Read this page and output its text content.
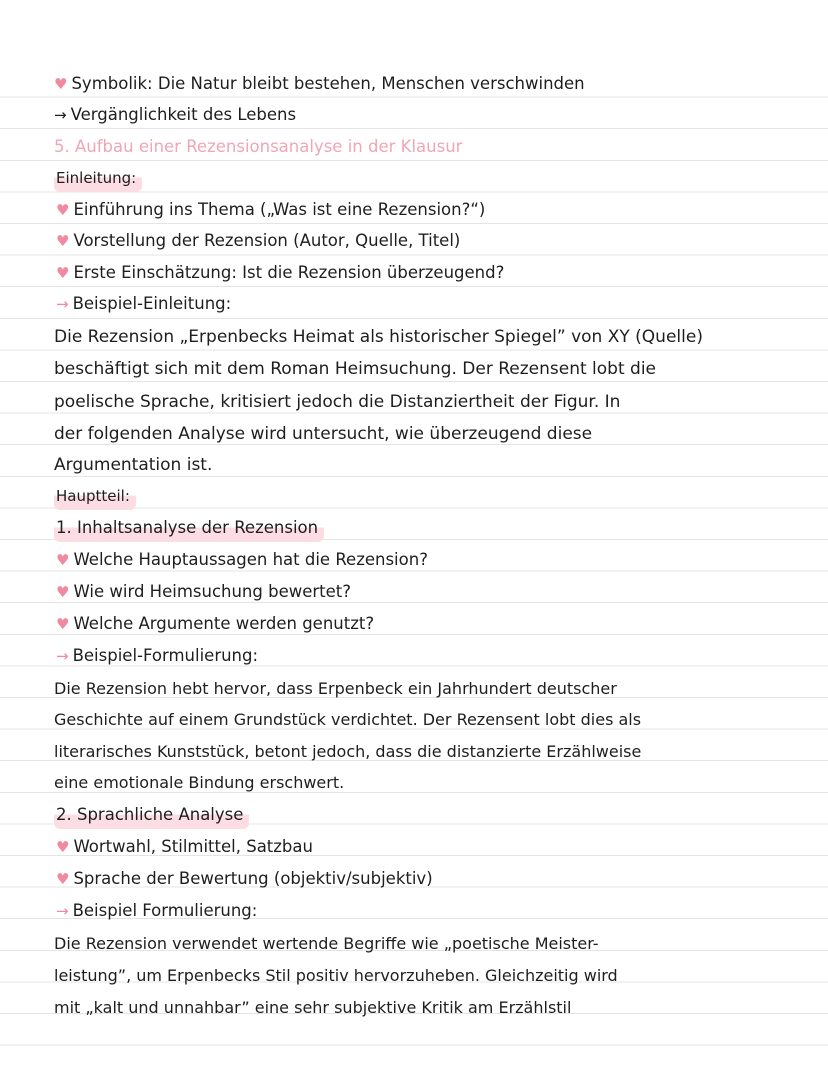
♥ Symbolik: Die Natur bleibt bestehen, Menschen verschwinden
→ Vergänglichkeit des Lebens
5. Aufbau einer Rezensionsanalyse in der Klausur
Einleitung:
♥ Einführung ins Thema („Was ist eine Rezension?“)
♥ Vorstellung der Rezension (Autor, Quelle, Titel)
♥ Erste Einschätzung: Ist die Rezension überzeugend?
→ Beispiel-Einleitung:
Die Rezension „Erpenbecks Heimat als historischer Spiegel” von XY (Quelle)
beschäftigt sich mit dem Roman Heimsuchung. Der Rezensent lobt die
poelische Sprache, kritisiert jedoch die Distanziertheit der Figur. In
der folgenden Analyse wird untersucht, wie überzeugend diese
Argumentation ist.
Hauptteil:
1. Inhaltsanalyse der Rezension
♥ Welche Hauptaussagen hat die Rezension?
♥ Wie wird Heimsuchung bewertet?
♥ Welche Argumente werden genutzt?
→ Beispiel-Formulierung:
Die Rezension hebt hervor, dass Erpenbeck ein Jahrhundert deutscher
Geschichte auf einem Grundstück verdichtet. Der Rezensent lobt dies als
literarisches Kunststück, betont jedoch, dass die distanzierte Erzählweise
eine emotionale Bindung erschwert.
2. Sprachliche Analyse
♥ Wortwahl, Stilmittel, Satzbau
♥ Sprache der Bewertung (objektiv/subjektiv)
→ Beispiel Formulierung:
Die Rezension verwendet wertende Begriffe wie „poetische Meister-
leistung”, um Erpenbecks Stil positiv hervorzuheben. Gleichzeitig wird
mit „kalt und unnahbar” eine sehr subjektive Kritik am Erzählstil
